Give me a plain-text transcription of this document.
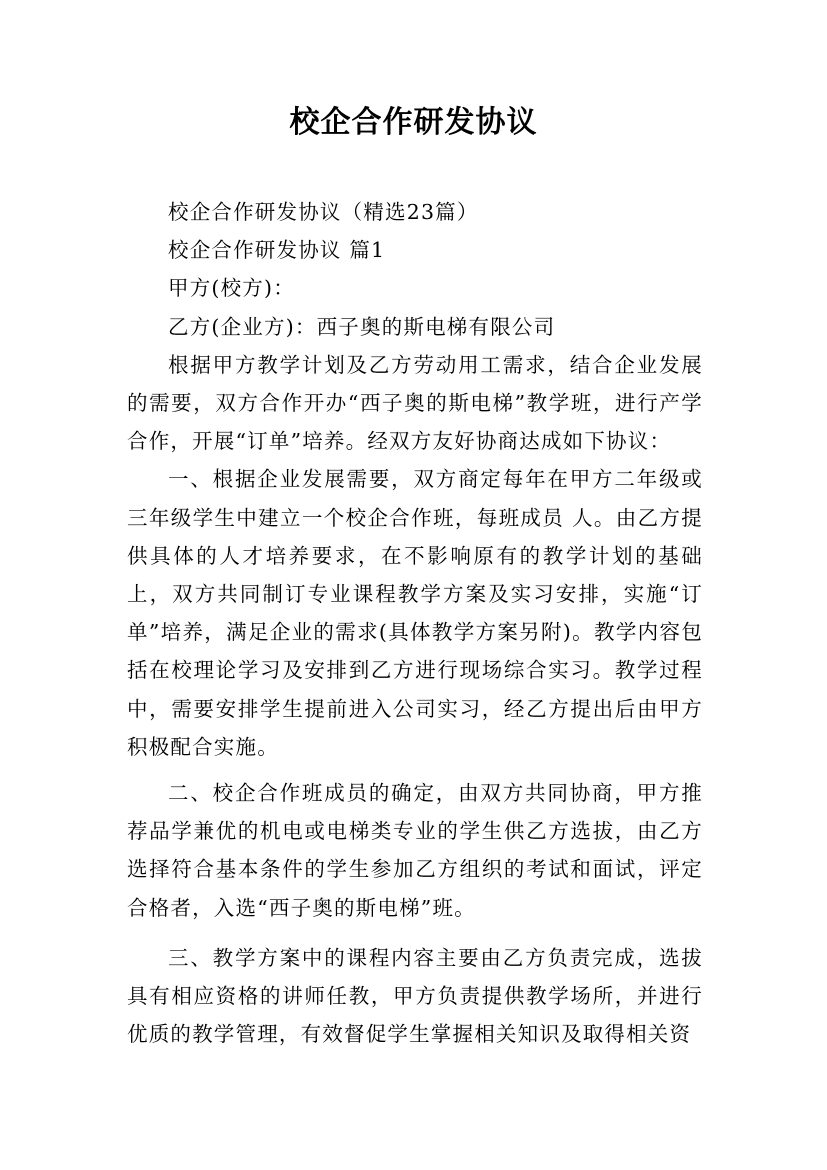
校企合作研发协议

校企合作研发协议（精选23篇）

校企合作研发协议 篇1

甲方(校方)：

乙方(企业方)：西子奥的斯电梯有限公司

根据甲方教学计划及乙方劳动用工需求，结合企业发展的需要，双方合作开办“西子奥的斯电梯”教学班，进行产学合作，开展“订单”培养。经双方友好协商达成如下协议：

一、根据企业发展需要，双方商定每年在甲方二年级或三年级学生中建立一个校企合作班，每班成员 人。由乙方提供具体的人才培养要求，在不影响原有的教学计划的基础上，双方共同制订专业课程教学方案及实习安排，实施“订单”培养，满足企业的需求(具体教学方案另附)。教学内容包括在校理论学习及安排到乙方进行现场综合实习。教学过程中，需要安排学生提前进入公司实习，经乙方提出后由甲方积极配合实施。

二、校企合作班成员的确定，由双方共同协商，甲方推荐品学兼优的机电或电梯类专业的学生供乙方选拔，由乙方选择符合基本条件的学生参加乙方组织的考试和面试，评定合格者，入选“西子奥的斯电梯”班。

三、教学方案中的课程内容主要由乙方负责完成，选拔具有相应资格的讲师任教，甲方负责提供教学场所，并进行优质的教学管理，有效督促学生掌握相关知识及取得相关资
